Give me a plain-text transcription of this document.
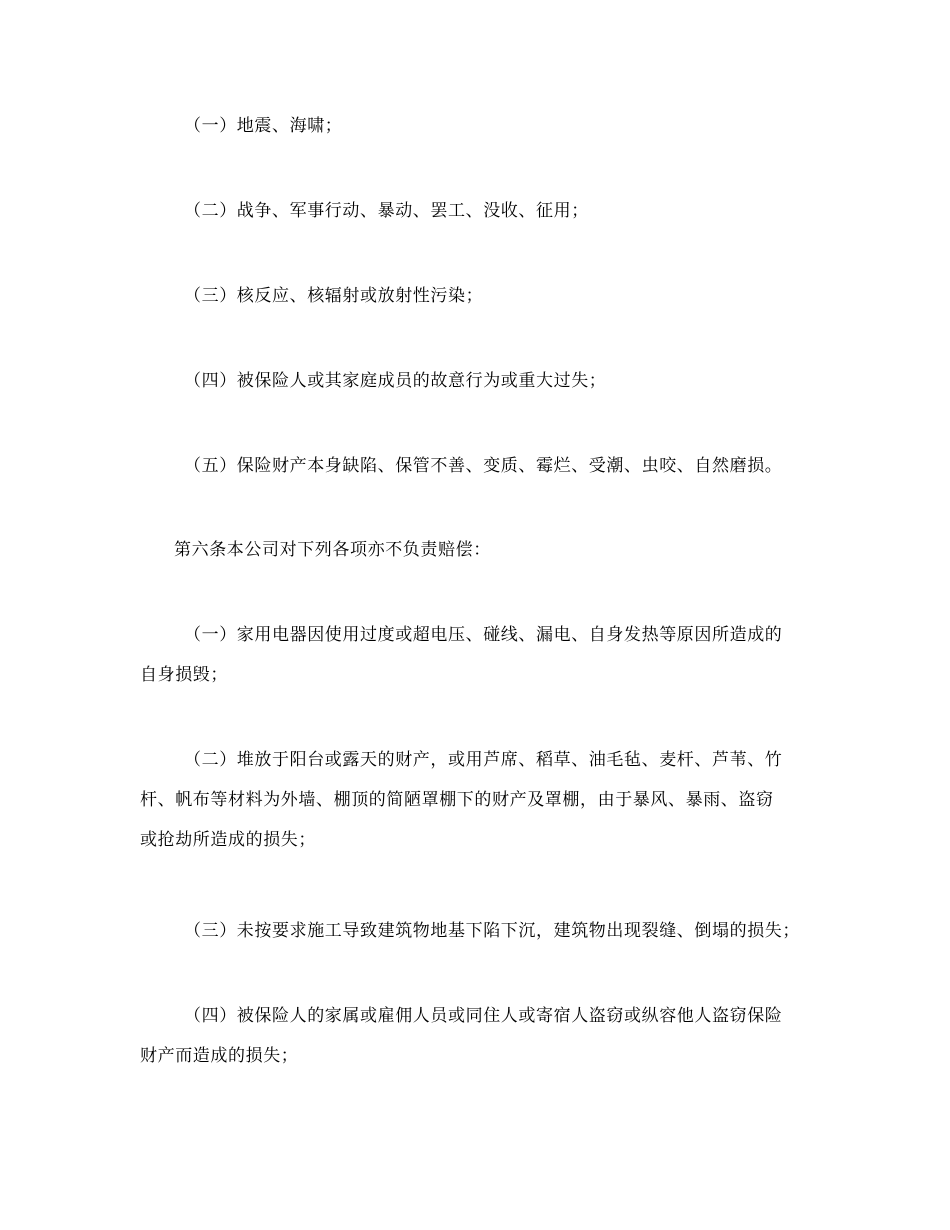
（一）地震、海啸；
（二）战争、军事行动、暴动、罢工、没收、征用；
（三）核反应、核辐射或放射性污染；
（四）被保险人或其家庭成员的故意行为或重大过失；
（五）保险财产本身缺陷、保管不善、变质、霉烂、受潮、虫咬、自然磨损。
第六条本公司对下列各项亦不负责赔偿：
（一）家用电器因使用过度或超电压、碰线、漏电、自身发热等原因所造成的
自身损毁；
（二）堆放于阳台或露天的财产，或用芦席、稻草、油毛毡、麦杆、芦苇、竹
杆、帆布等材料为外墙、棚顶的简陋罩棚下的财产及罩棚，由于暴风、暴雨、盗窃
或抢劫所造成的损失；
（三）未按要求施工导致建筑物地基下陷下沉，建筑物出现裂缝、倒塌的损失；
（四）被保险人的家属或雇佣人员或同住人或寄宿人盗窃或纵容他人盗窃保险
财产而造成的损失；
